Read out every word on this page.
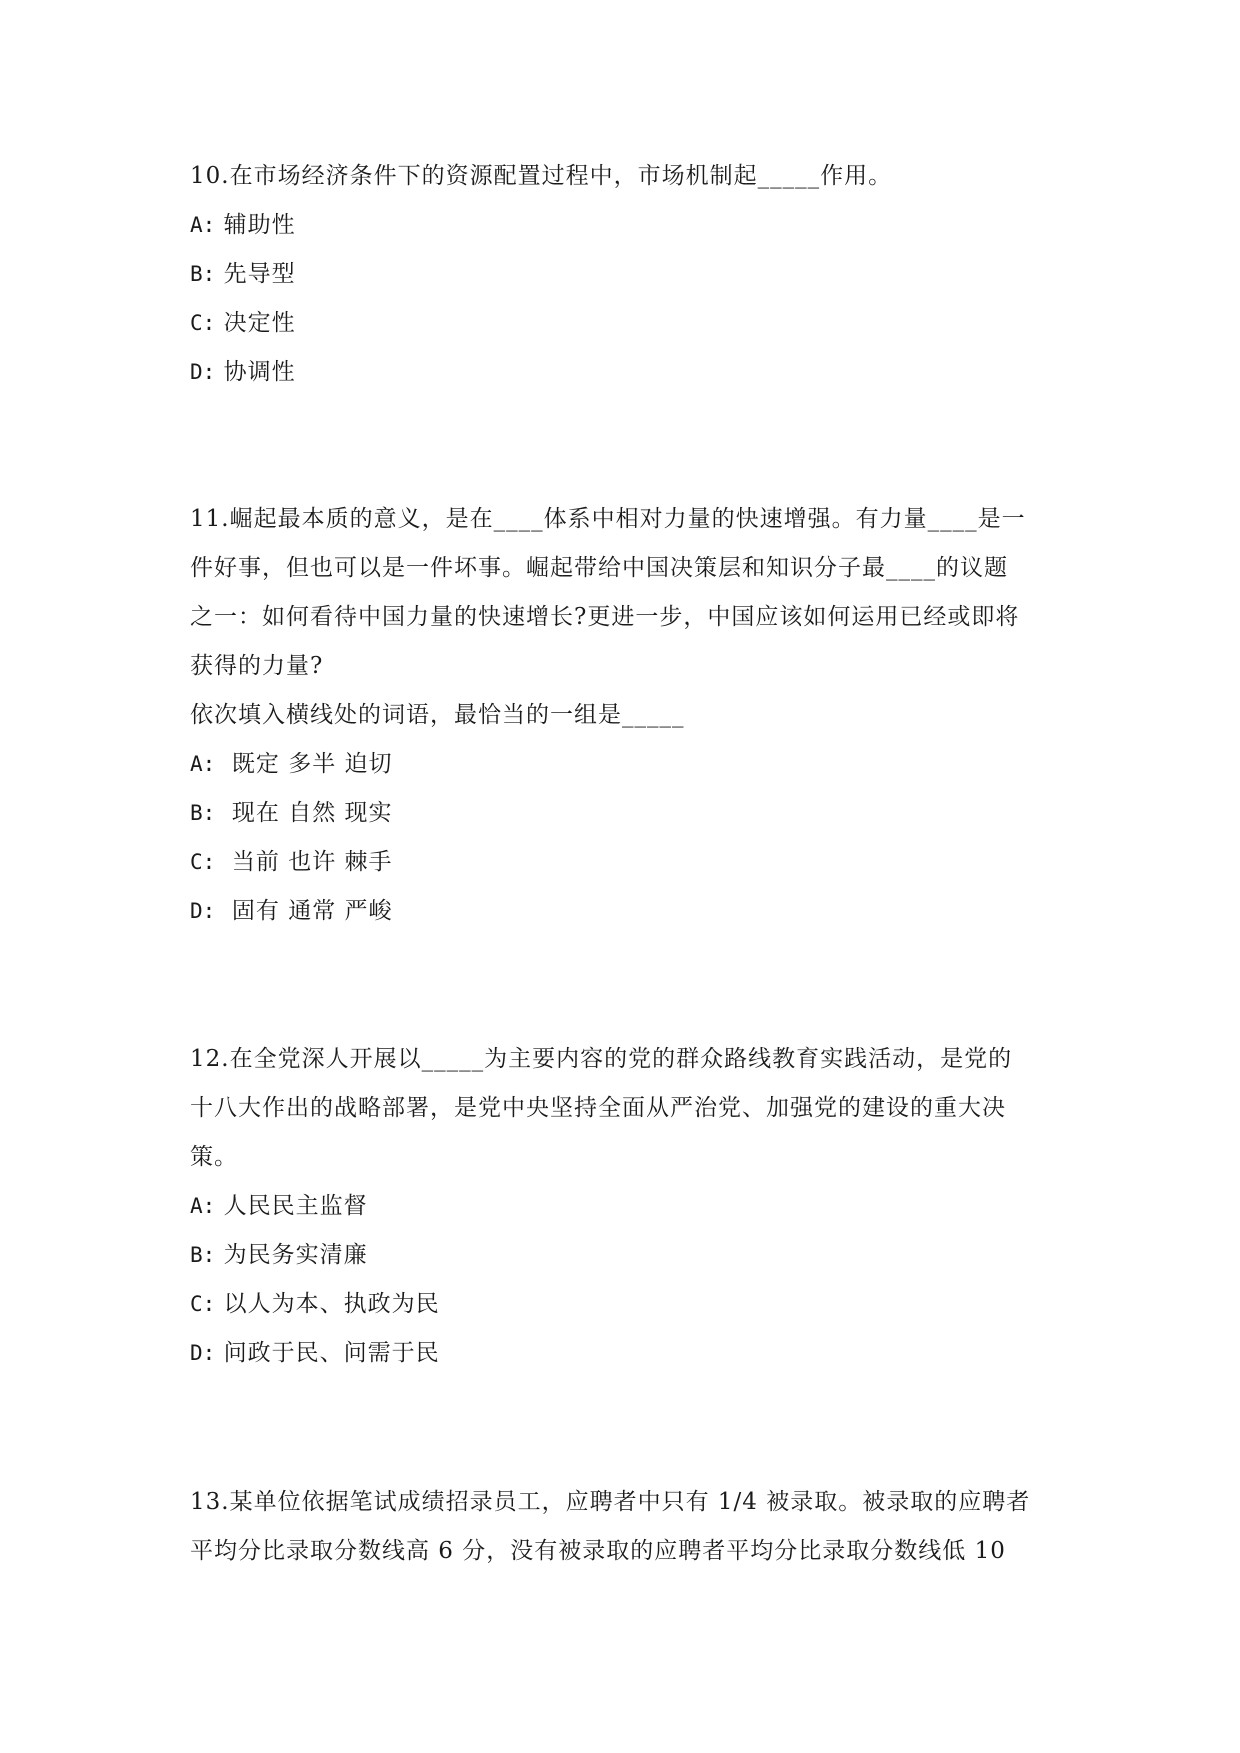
10.在市场经济条件下的资源配置过程中，市场机制起_____作用。

A: 辅助性

B: 先导型

C: 决定性

D: 协调性

11.崛起最本质的意义，是在____体系中相对力量的快速增强。有力量____是一

件好事，但也可以是一件坏事。崛起带给中国决策层和知识分子最____的议题

之一：如何看待中国力量的快速增长?更进一步，中国应该如何运用已经或即将

获得的力量?

依次填入横线处的词语，最恰当的一组是_____

A:  既定 多半 迫切

B:  现在 自然 现实

C:  当前 也许 棘手

D:  固有 通常 严峻

12.在全党深人开展以_____为主要内容的党的群众路线教育实践活动，是党的

十八大作出的战略部署，是党中央坚持全面从严治党、加强党的建设的重大决

策。

A: 人民民主监督

B: 为民务实清廉

C: 以人为本、执政为民

D: 问政于民、问需于民

13.某单位依据笔试成绩招录员工，应聘者中只有 1/4 被录取。被录取的应聘者

平均分比录取分数线高 6 分，没有被录取的应聘者平均分比录取分数线低 10
